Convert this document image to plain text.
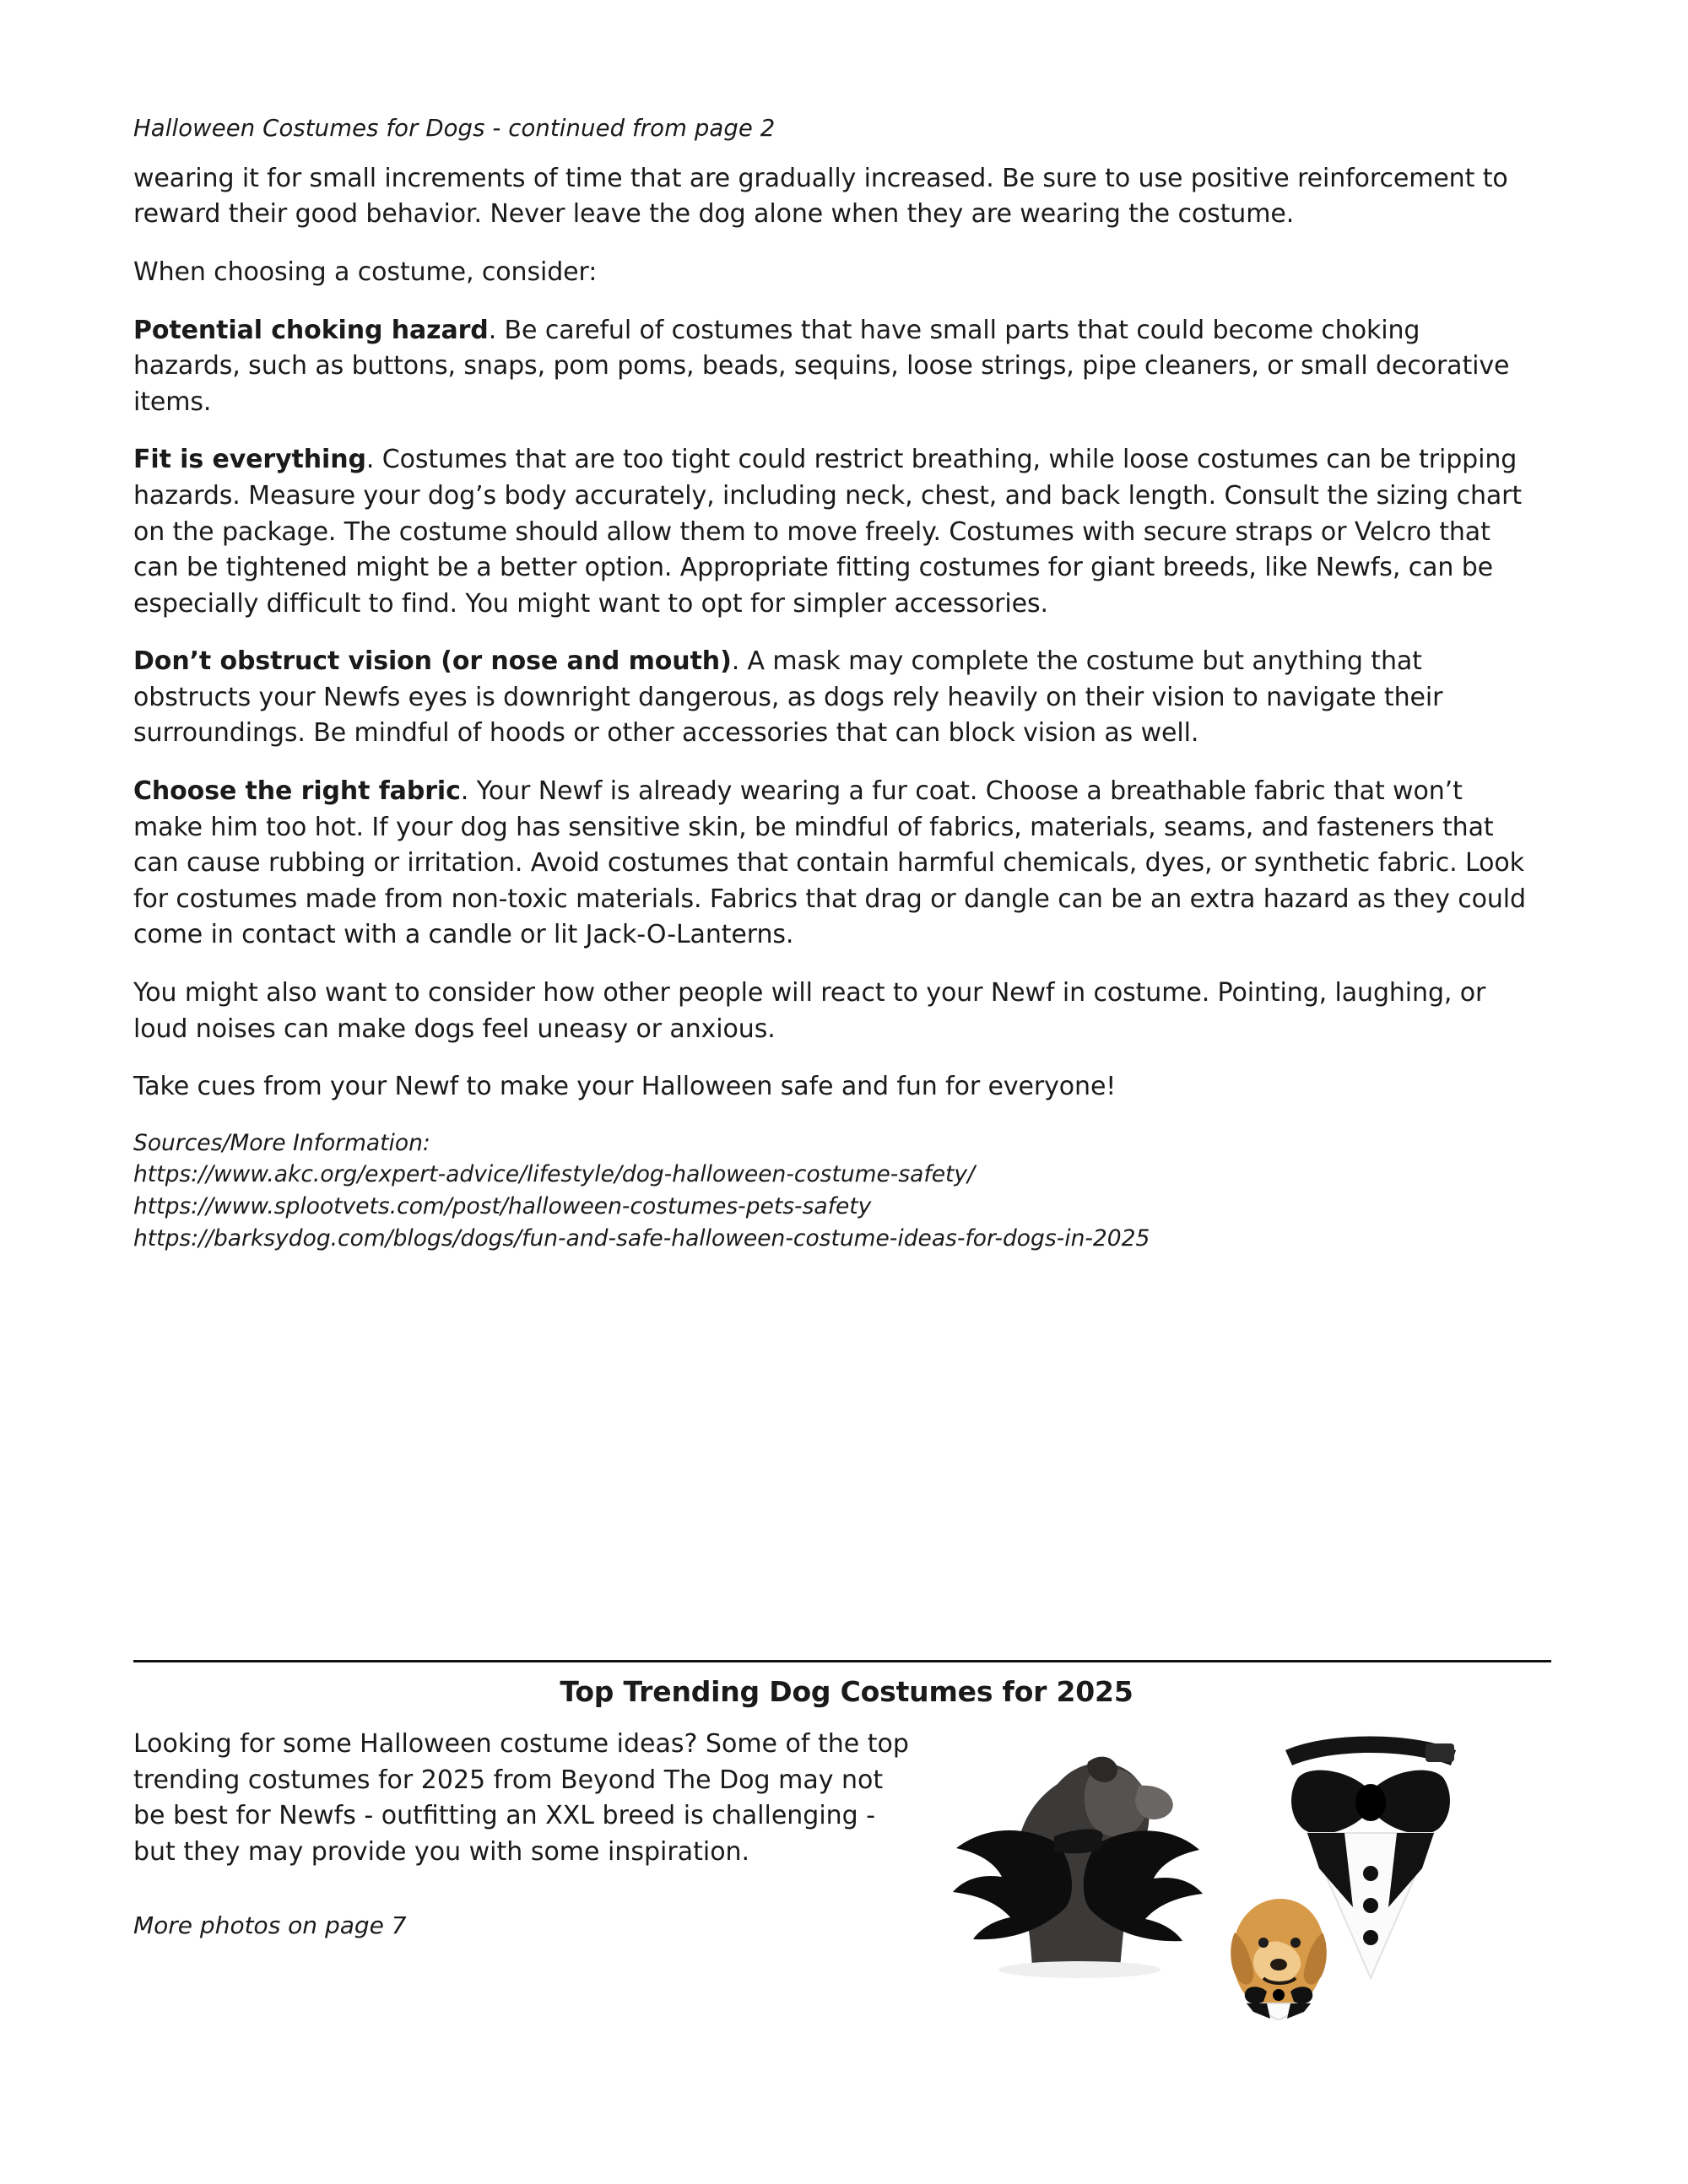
Halloween Costumes for Dogs - continued from page 2

wearing it for small increments of time that are gradually increased. Be sure to use positive reinforcement to reward their good behavior. Never leave the dog alone when they are wearing the costume.

When choosing a costume, consider:

Potential choking hazard. Be careful of costumes that have small parts that could become choking hazards, such as buttons, snaps, pom poms, beads, sequins, loose strings, pipe cleaners, or small decorative items.

Fit is everything. Costumes that are too tight could restrict breathing, while loose costumes can be tripping hazards. Measure your dog’s body accurately, including neck, chest, and back length. Consult the sizing chart on the package. The costume should allow them to move freely. Costumes with secure straps or Velcro that can be tightened might be a better option. Appropriate fitting costumes for giant breeds, like Newfs, can be especially difficult to find. You might want to opt for simpler accessories.

Don’t obstruct vision (or nose and mouth). A mask may complete the costume but anything that obstructs your Newfs eyes is downright dangerous, as dogs rely heavily on their vision to navigate their surroundings. Be mindful of hoods or other accessories that can block vision as well.

Choose the right fabric. Your Newf is already wearing a fur coat. Choose a breathable fabric that won’t make him too hot. If your dog has sensitive skin, be mindful of fabrics, materials, seams, and fasteners that can cause rubbing or irritation. Avoid costumes that contain harmful chemicals, dyes, or synthetic fabric. Look for costumes made from non-toxic materials. Fabrics that drag or dangle can be an extra hazard as they could come in contact with a candle or lit Jack-O-Lanterns.

You might also want to consider how other people will react to your Newf in costume. Pointing, laughing, or loud noises can make dogs feel uneasy or anxious.

Take cues from your Newf to make your Halloween safe and fun for everyone!

Sources/More Information:
https://www.akc.org/expert-advice/lifestyle/dog-halloween-costume-safety/
https://www.splootvets.com/post/halloween-costumes-pets-safety
https://barksydog.com/blogs/dogs/fun-and-safe-halloween-costume-ideas-for-dogs-in-2025
Top Trending Dog Costumes for 2025
Looking for some Halloween costume ideas? Some of the top trending costumes for 2025 from Beyond The Dog may not be best for Newfs - outfitting an XXL breed is challenging - but they may provide you with some inspiration.
More photos on page 7
